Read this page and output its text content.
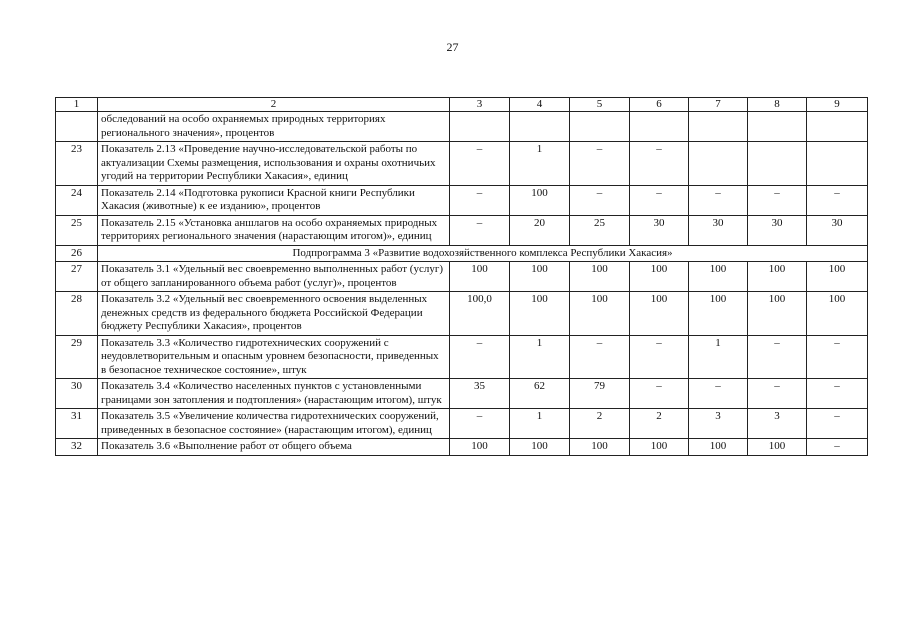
27
1	2	3	4	5	6	7	8	9
	обследований на особо охраняемых природных территориях регионального значения», процентов							
23	Показатель 2.13 «Проведение научно-исследовательской работы по актуализации Схемы размещения, использования и охраны охотничьих угодий на территории Республики Хакасия», единиц	–	1	–	–			
24	Показатель 2.14 «Подготовка рукописи Красной книги Республики Хакасия (животные) к ее изданию», процентов	–	100	–	–	–	–	–
25	Показатель 2.15 «Установка аншлагов на особо охраняемых природных территориях регионального значения (нарастающим итогом)», единиц	–	20	25	30	30	30	30
26	Подпрограмма 3 «Развитие водохозяйственного комплекса Республики Хакасия»							
27	Показатель 3.1 «Удельный вес своевременно выполненных работ (услуг) от общего запланированного объема работ (услуг)», процентов	100	100	100	100	100	100	100
28	Показатель 3.2 «Удельный вес своевременного освоения выделенных денежных средств из федерального бюджета Российской Федерации бюджету Республики Хакасия», процентов	100,0	100	100	100	100	100	100
29	Показатель 3.3 «Количество гидротехнических сооружений с неудовлетворительным и опасным уровнем безопасности, приведенных в безопасное техническое состояние», штук	–	1	–	–	1	–	–
30	Показатель 3.4 «Количество населенных пунктов с установленными границами зон затопления и подтопления» (нарастающим итогом), штук	35	62	79	–	–	–	–
31	Показатель 3.5 «Увеличение количества гидротехнических сооружений, приведенных в безопасное состояние» (нарастающим итогом), единиц	–	1	2	2	3	3	–
32	Показатель 3.6 «Выполнение работ от общего объема	100	100	100	100	100	100	–
